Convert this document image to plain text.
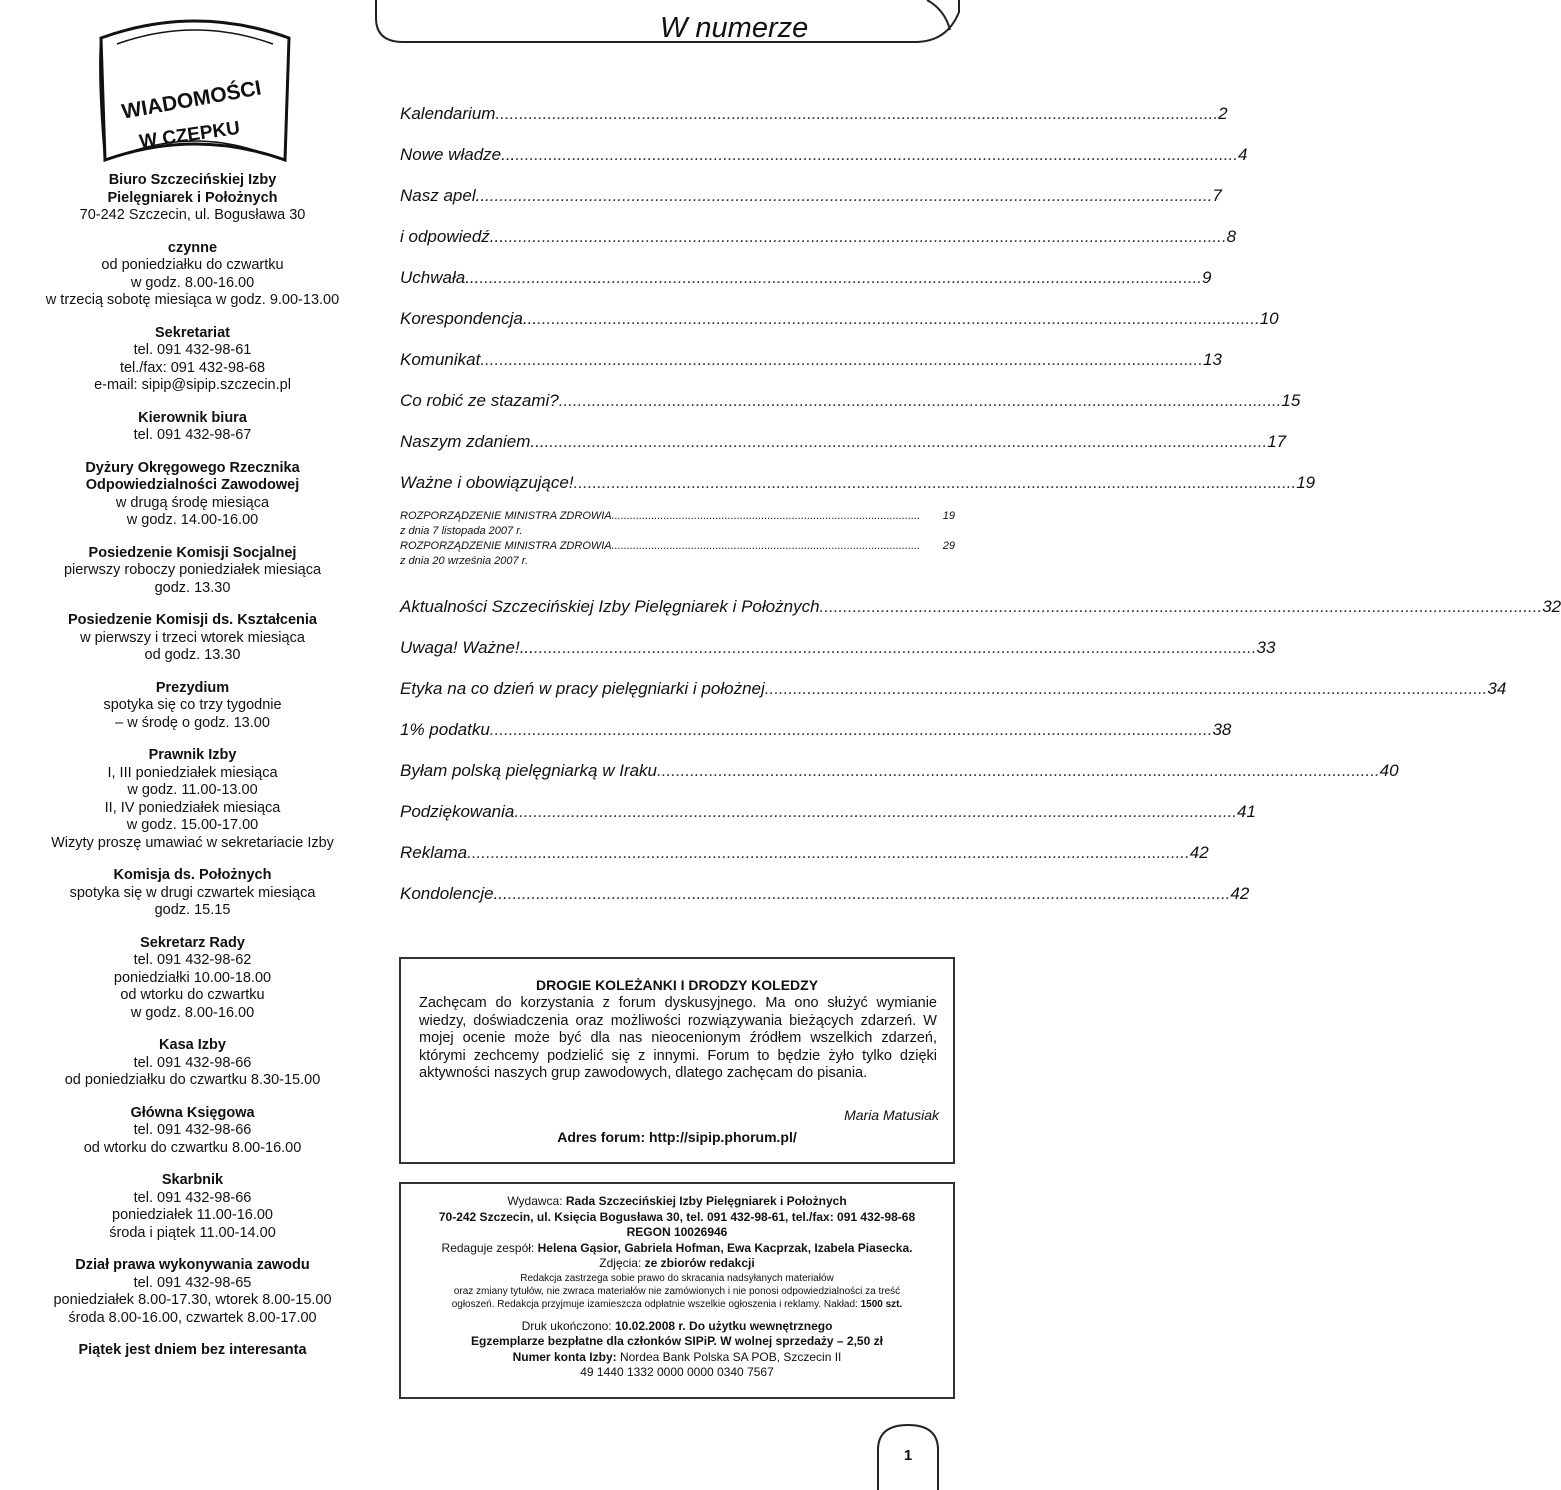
WIADOMOŚCI
W CZEPKU
W numerze
Biuro Szczecińskiej Izby
Pielęgniarek i Położnych
70-242 Szczecin, ul. Bogusława 30
czynne
od poniedziałku do czwartku
w godz. 8.00-16.00
w trzecią sobotę miesiąca w godz. 9.00-13.00
Sekretariat
tel. 091 432-98-61
tel./fax: 091 432-98-68
e-mail: sipip@sipip.szczecin.pl
Kierownik biura
tel. 091 432-98-67
Dyżury Okręgowego Rzecznika
Odpowiedzialności Zawodowej
w drugą środę miesiąca
w godz. 14.00-16.00
Posiedzenie Komisji Socjalnej
pierwszy roboczy poniedziałek miesiąca
godz. 13.30
Posiedzenie Komisji ds. Kształcenia
w pierwszy i trzeci wtorek miesiąca
od godz. 13.30
Prezydium
spotyka się co trzy tygodnie
– w środę o godz. 13.00
Prawnik Izby
I, III poniedziałek miesiąca
w godz. 11.00-13.00
II, IV poniedziałek miesiąca
w godz. 15.00-17.00
Wizyty proszę umawiać w sekretariacie Izby
Komisja ds. Położnych
spotyka się w drugi czwartek miesiąca
godz. 15.15
Sekretarz Rady
tel. 091 432-98-62
poniedziałki 10.00-18.00
od wtorku do czwartku
w godz. 8.00-16.00
Kasa Izby
tel. 091 432-98-66
od poniedziałku do czwartku 8.30-15.00
Główna Księgowa
tel. 091 432-98-66
od wtorku do czwartku 8.00-16.00
Skarbnik
tel. 091 432-98-66
poniedziałek 11.00-16.00
środa i piątek 11.00-14.00
Dział prawa wykonywania zawodu
tel. 091 432-98-65
poniedziałek 8.00-17.30, wtorek 8.00-15.00
środa 8.00-16.00, czwartek 8.00-17.00
Piątek jest dniem bez interesanta
Kalendarium ......................................................................................................................................................... 2
Nowe władze... ......................................................................................................................................................... 4
Nasz apel... ......................................................................................................................................................... 7
i odpowiedź... ......................................................................................................................................................... 8
Uchwała... ......................................................................................................................................................... 9
Korespondencja... ......................................................................................................................................................... 10
Komunikat ......................................................................................................................................................... 13
Co robić ze stazami? ......................................................................................................................................................... 15
Naszym zdaniem... ......................................................................................................................................................... 17
Ważne i obowiązujące! ......................................................................................................................................................... 19
ROZPORZĄDZENIE MINISTRA ZDROWIA .....................................................................................................	19
z dnia 7 listopada 2007 r.
ROZPORZĄDZENIE MINISTRA ZDROWIA .....................................................................................................	29
z dnia 20 września 2007 r.
Aktualności Szczecińskiej Izby Pielęgniarek i Położnych ......................................................................................................................................................... 32
Uwaga! Ważne!... ......................................................................................................................................................... 33
Etyka na co dzień w pracy pielęgniarki i położnej ......................................................................................................................................................... 34
1% podatku ......................................................................................................................................................... 38
Byłam polską pielęgniarką w Iraku ......................................................................................................................................................... 40
Podziękowania ......................................................................................................................................................... 41
Reklama ......................................................................................................................................................... 42
Kondolencje... ......................................................................................................................................................... 42
DROGIE KOLEŻANKI I DRODZY KOLEDZY
Zachęcam do korzystania z forum dyskusyjnego. Ma ono służyć wymianie wiedzy, doświadczenia oraz możliwości rozwiązywania bieżących zdarzeń. W mojej ocenie może być dla nas nieocenionym źródłem wszelkich zdarzeń, którymi zechcemy podzielić się z innymi. Forum to będzie żyło tylko dzięki aktywności naszych grup zawodowych, dlatego zachęcam do pisania.
Maria Matusiak
Adres forum: http://sipip.phorum.pl/
Wydawca: Rada Szczecińskiej Izby Pielęgniarek i Położnych
70-242 Szczecin, ul. Księcia Bogusława 30, tel. 091 432-98-61, tel./fax: 091 432-98-68
REGON 10026946
Redaguje zespół: Helena Gąsior, Gabriela Hofman, Ewa Kacprzak, Izabela Piasecka.
Zdjęcia: ze zbiorów redakcji
Redakcja zastrzega sobie prawo do skracania nadsyłanych materiałów
oraz zmiany tytułów, nie zwraca materiałów nie zamówionych i nie ponosi odpowiedzialności za treść
ogłoszeń. Redakcja przyjmuje izamieszcza odpłatnie wszelkie ogłoszenia i reklamy. Nakład: 1500 szt.
Druk ukończono: 10.02.2008 r. Do użytku wewnętrznego
Egzemplarze bezpłatne dla członków SIPiP. W wolnej sprzedaży – 2,50 zł
Numer konta Izby: Nordea Bank Polska SA POB, Szczecin II
49 1440 1332 0000 0000 0340 7567
1
